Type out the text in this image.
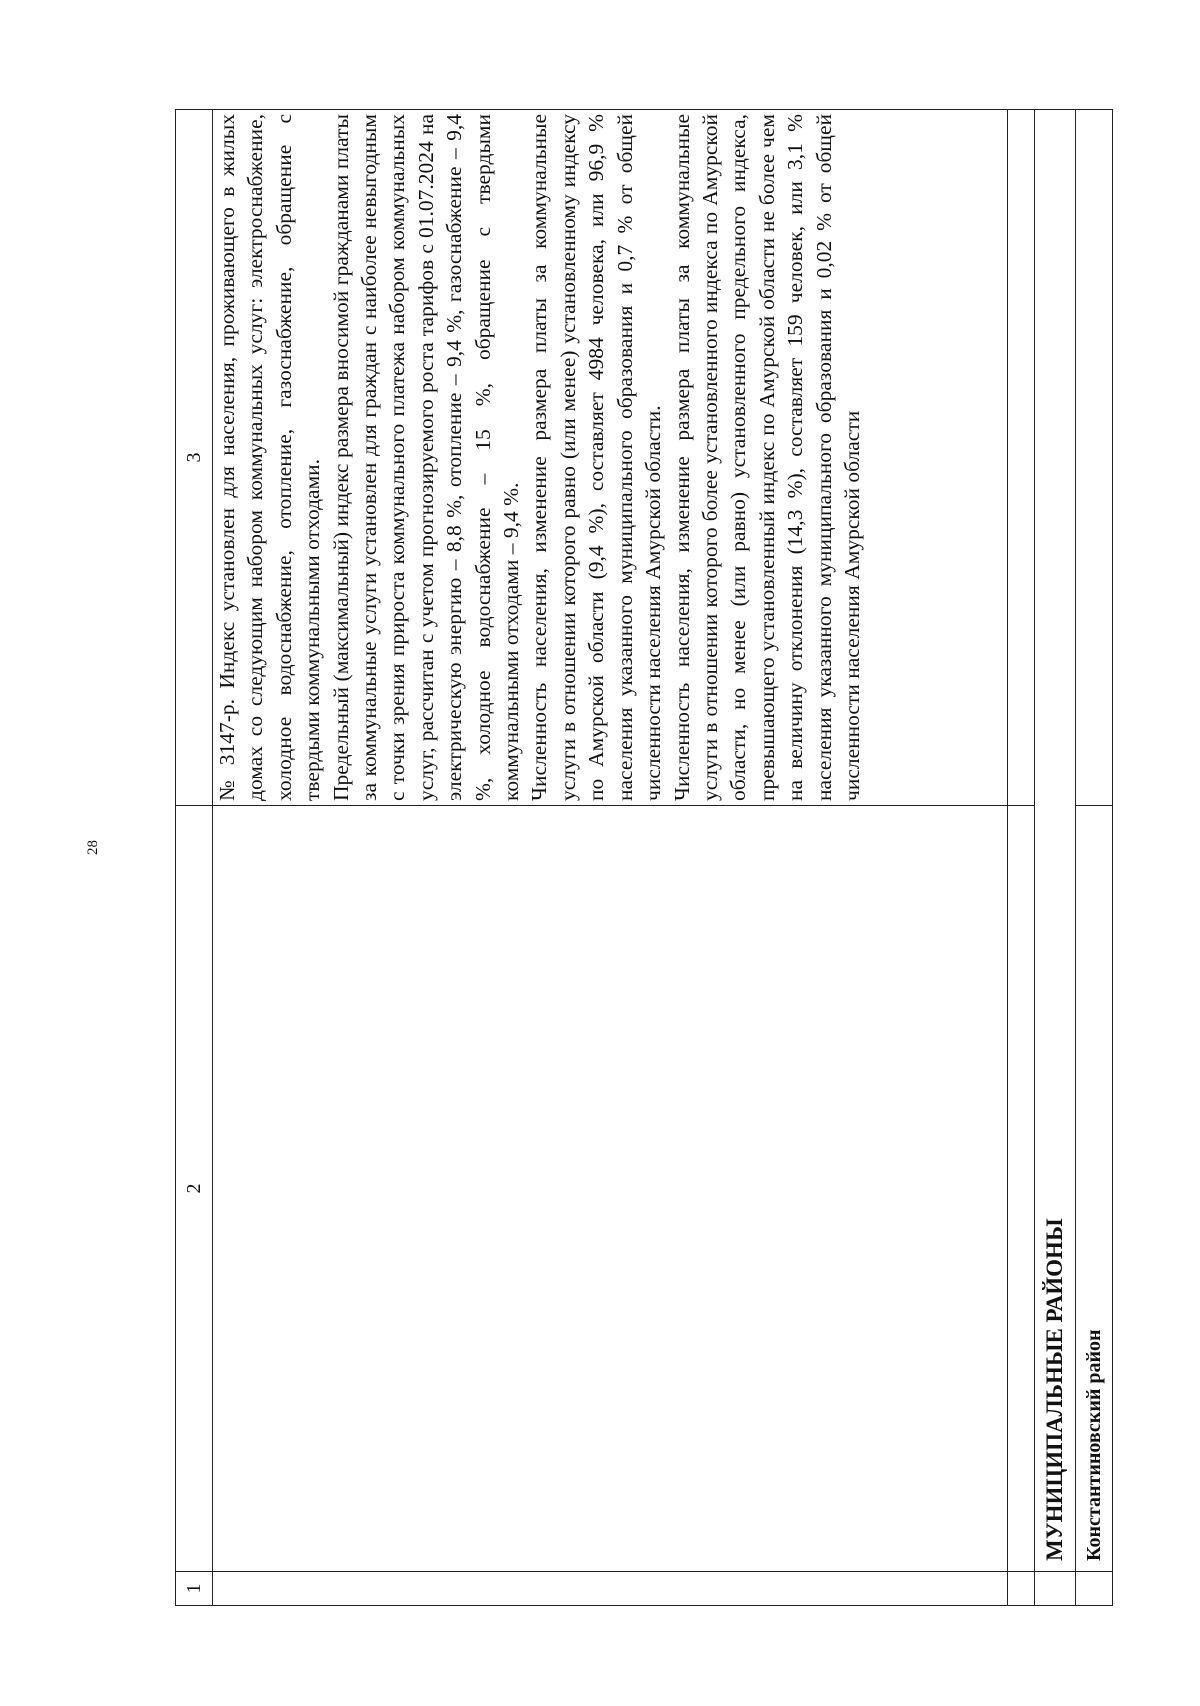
28
1	2	3

		№ 3147-р. Индекс установлен для населения, проживающего в жилых домах со следующим набором коммунальных услуг: электроснабжение, холодное водоснабжение, отопление, газоснабжение, обращение с твердыми коммунальными отходами. Предельный (максимальный) индекс размера вносимой гражданами платы за коммунальные услуги установлен для граждан с наиболее невыгодным с точки зрения прироста коммунального платежа набором коммунальных услуг, рассчитан с учетом прогнозируемого роста тарифов с 01.07.2024 на электрическую энергию – 8,8 %, отопление – 9,4 %, газоснабжение – 9,4 %, холодное водоснабжение – 15 %, обращение с твердыми коммунальными отходами – 9,4 %. Численность населения, изменение размера платы за коммунальные услуги в отношении которого равно (или менее) установленному индексу по Амурской области (9,4 %), составляет 4984 человека, или 96,9 % населения указанного муниципального образования и 0,7 % от общей численности населения Амурской области. Численность населения, изменение размера платы за коммунальные услуги в отношении которого более установленного индекса по Амурской области, но менее (или равно) установленного предельного индекса, превышающего установленный индекс по Амурской области не более чем на величину отклонения (14,3 %), составляет 159 человек, или 3,1 % населения указанного муниципального образования и 0,02 % от общей численности населения Амурской области

	МУНИЦИПАЛЬНЫЕ РАЙОНЫ	
	Константиновский район	
